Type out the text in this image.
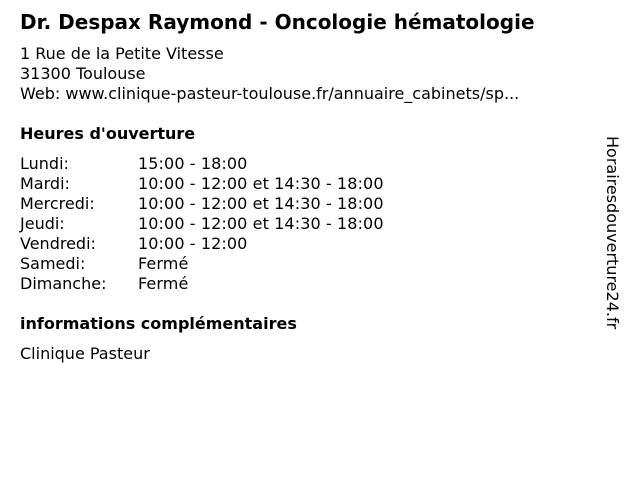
Dr. Despax Raymond - Oncologie hématologie
1 Rue de la Petite Vitesse
31300 Toulouse
Web: www.clinique-pasteur-toulouse.fr/annuaire_cabinets/sp...
Heures d'ouverture
Lundi:	15:00 - 18:00
Mardi:	10:00 - 12:00 et 14:30 - 18:00
Mercredi:	10:00 - 12:00 et 14:30 - 18:00
Jeudi:	10:00 - 12:00 et 14:30 - 18:00
Vendredi:	10:00 - 12:00
Samedi:	Fermé
Dimanche:	Fermé
informations complémentaires
Clinique Pasteur
Horairesdouverture24.fr
